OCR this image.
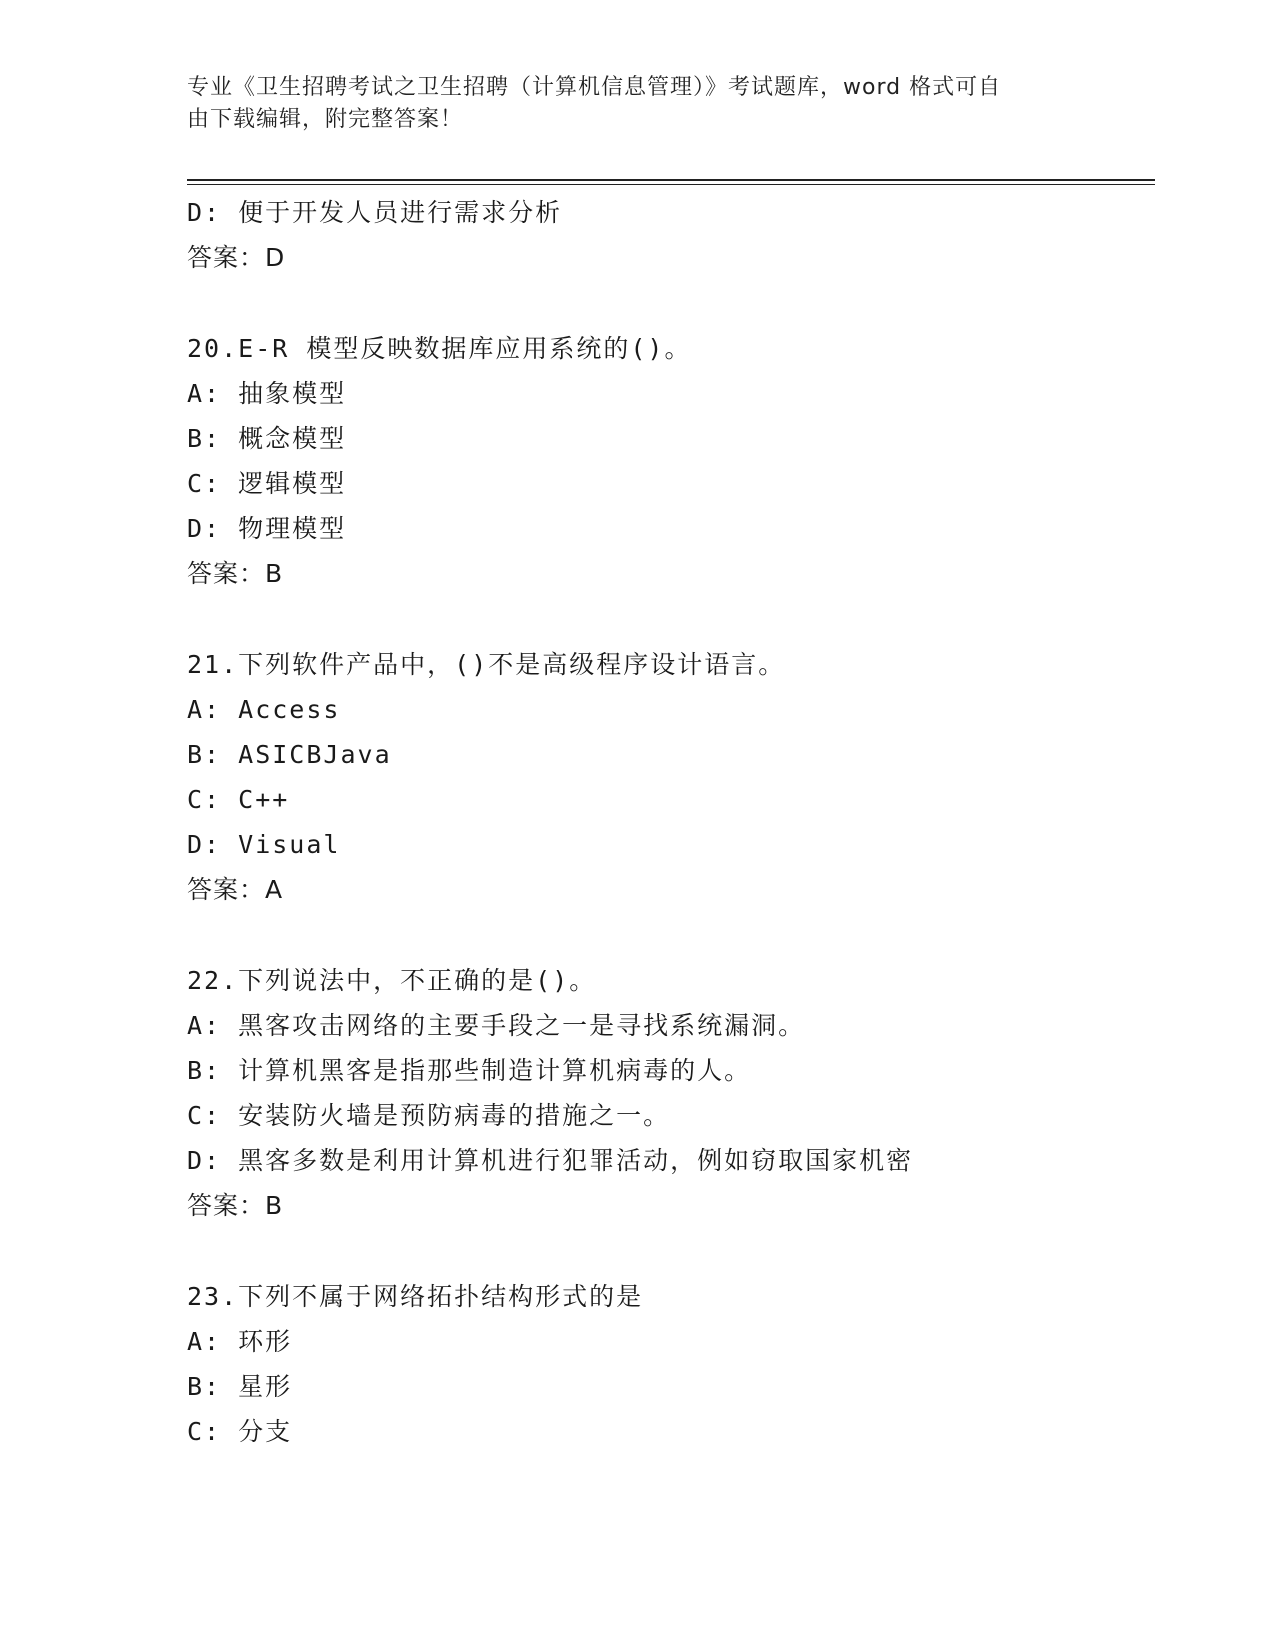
专业《卫生招聘考试之卫生招聘（计算机信息管理）》考试题库，word 格式可自
由下载编辑，附完整答案！
D: 便于开发人员进行需求分析
答案：D
20.E-R 模型反映数据库应用系统的()。
A: 抽象模型
B: 概念模型
C: 逻辑模型
D: 物理模型
答案：B
21.下列软件产品中，()不是高级程序设计语言。
A: Access
B: ASICBJava
C: C++
D: Visual
答案：A
22.下列说法中，不正确的是()。
A: 黑客攻击网络的主要手段之一是寻找系统漏洞。
B: 计算机黑客是指那些制造计算机病毒的人。
C: 安装防火墙是预防病毒的措施之一。
D: 黑客多数是利用计算机进行犯罪活动，例如窃取国家机密
答案：B
23.下列不属于网络拓扑结构形式的是
A: 环形
B: 星形
C: 分支
